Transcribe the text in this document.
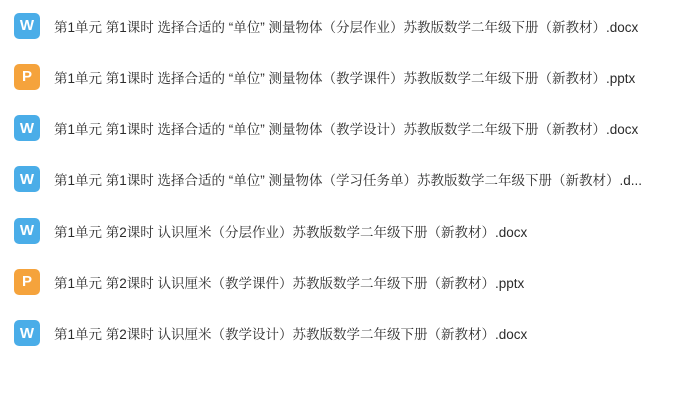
W	第1单元 第1课时 选择合适的 “单位” 测量物体（分层作业）苏教版数学二年级下册（新教材）.docx
P	第1单元 第1课时 选择合适的 “单位” 测量物体（教学课件）苏教版数学二年级下册（新教材）.pptx
W	第1单元 第1课时 选择合适的 “单位” 测量物体（教学设计）苏教版数学二年级下册（新教材）.docx
W	第1单元 第1课时 选择合适的 “单位” 测量物体（学习任务单）苏教版数学二年级下册（新教材）.d...
W	第1单元 第2课时 认识厘米（分层作业）苏教版数学二年级下册（新教材）.docx
P	第1单元 第2课时 认识厘米（教学课件）苏教版数学二年级下册（新教材）.pptx
W	第1单元 第2课时 认识厘米（教学设计）苏教版数学二年级下册（新教材）.docx
